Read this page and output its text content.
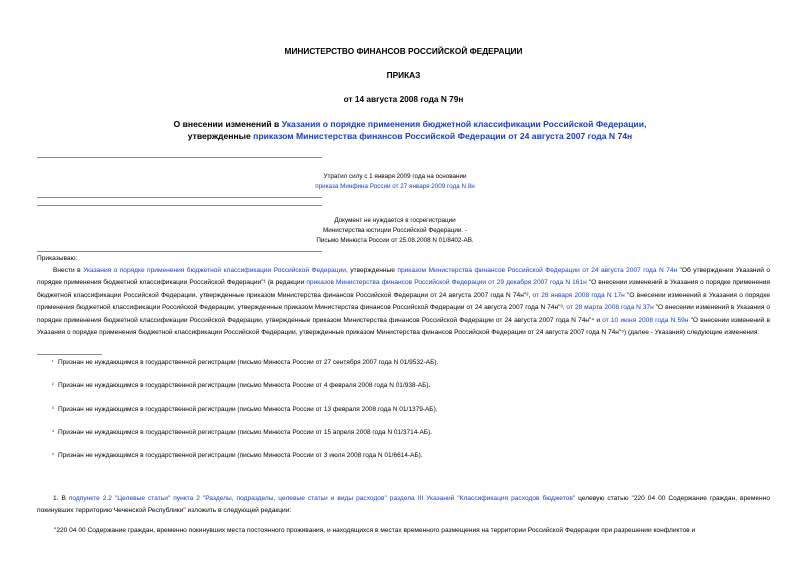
МИНИСТЕРСТВО ФИНАНСОВ РОССИЙСКОЙ ФЕДЕРАЦИИ
ПРИКАЗ
от 14 августа 2008 года N 79н
О внесении изменений в Указания о порядке применения бюджетной классификации Российской Федерации,
утвержденные приказом Министерства финансов Российской Федерации от 24 августа 2007 года N 74н
Утратил силу с 1 января 2009 года на основании
приказа Минфина России от 27 января 2009 года N 8н
Документ не нуждается в госрегистрации
Министерства юстиции Российской Федерации. -
Письмо Минюста России от 25.08.2008 N 01/8402-АВ.
Приказываю:
Внести в Указания о порядке применения бюджетной классификации Российской Федерации, утвержденные приказом Министерства финансов Российской Федерации от 24 августа 2007 года N 74н "Об утверждении Указаний о порядке применения бюджетной классификации Российской Федерации"¹ (в редакции приказов Министерства финансов Российской Федерации от 29 декабря 2007 года N 161н "О внесении изменений в Указания о порядке применения бюджетной классификации Российской Федерации, утвержденные приказом Министерства финансов Российской Федерации от 24 августа 2007 года N 74н"², от 28 января 2008 года N 17н "О внесении изменений в Указания о порядке применения бюджетной классификации Российской Федерации, утвержденные приказом Министерства финансов Российской Федерации от 24 августа 2007 года N 74н"³, от 28 марта 2008 года N 37н "О внесении изменений в Указания о порядке применения бюджетной классификации Российской Федерации, утвержденные приказом Министерства финансов Российской Федерации от 24 августа 2007 года N 74н"⁴ и от 10 июня 2008 года N 59н "О внесении изменений в Указания о порядке применения бюджетной классификации Российской Федерации, утвержденные приказом Министерства финансов Российской Федерации от 24 августа 2007 года N 74н"⁵) (далее - Указания) следующие изменения:
¹ Признан не нуждающимся в государственной регистрации (письмо Минюста России от 27 сентября 2007 года N 01/9532-АБ).
² Признан не нуждающимся в государственной регистрации (письмо Минюста России от 4 февраля 2008 года N 01/938-АБ).
³ Признан не нуждающимся в государственной регистрации (письмо Минюста России от 13 февраля 2008 года N 01/1379-АБ).
⁴ Признан не нуждающимся в государственной регистрации (письмо Минюста России от 15 апреля 2008 года N 01/3714-АБ).
⁵ Признан не нуждающимся в государственной регистрации (письмо Минюста России от 3 июля 2008 года N 01/6614-АБ).
1. В подпункте 2.2 "Целевые статьи" пункта 2 "Разделы, подразделы, целевые статьи и виды расходов" раздела III Указаний "Классификация расходов бюджетов" целевую статью "220 04 00 Содержание граждан, временно покинувших территорию Чеченской Республики" изложить в следующей редакции:
"220 04 00 Содержание граждан, временно покинувших места постоянного проживания, и находящихся в местах временного размещения на территории Российской Федерации при разрешении конфликтов и
